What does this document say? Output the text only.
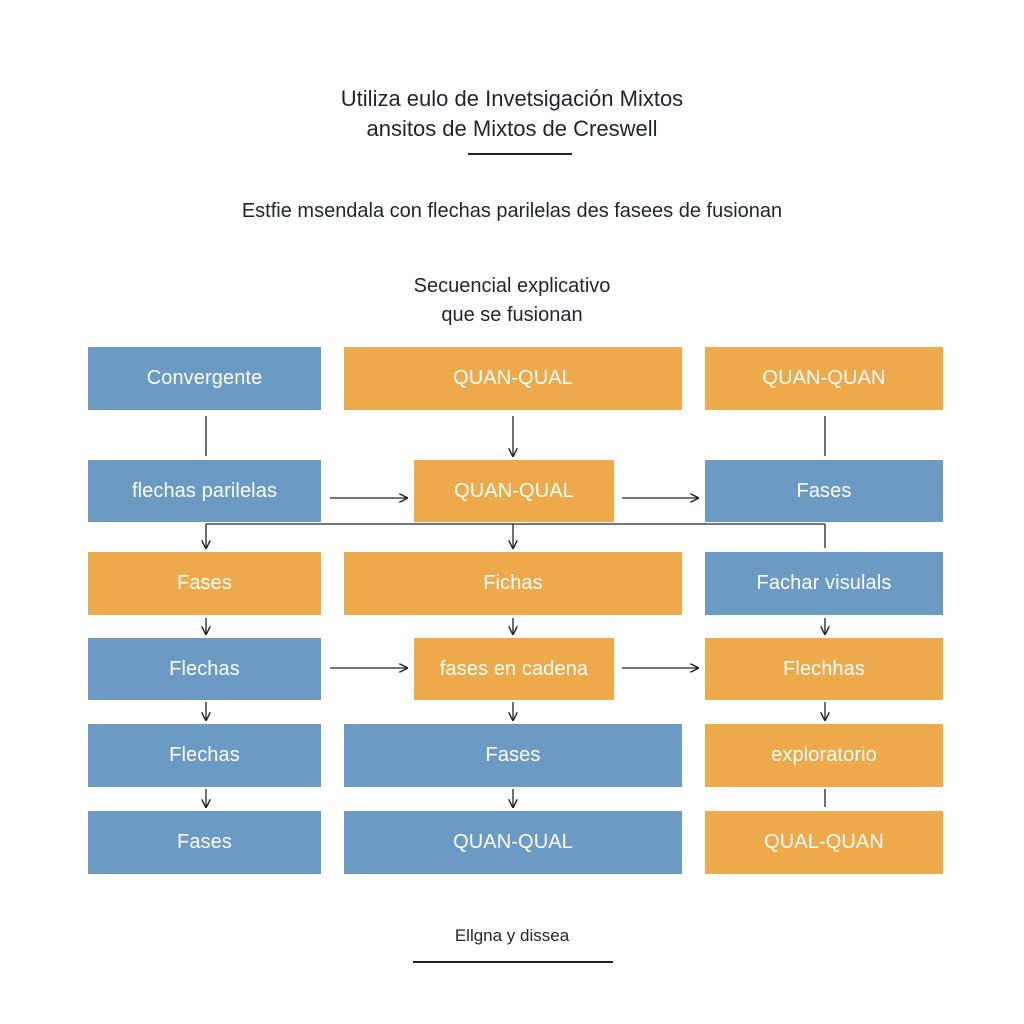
Utiliza eulo de Invetsigación Mixtos
ansitos de Mixtos de Creswell
Estfie msendala con flechas parilelas des fasees de fusionan
Secuencial explicativo
que se fusionan
Convergente	QUAN-QUAL	QUAN-QUAN
flechas parilelas	QUAN-QUAL	Fases
Fases	Fichas	Fachar visulals
Flechas	fases en cadena	Flechhas
Flechas	Fases	exploratorio
Fases	QUAN-QUAL	QUAL-QUAN
Ellgna y dissea
